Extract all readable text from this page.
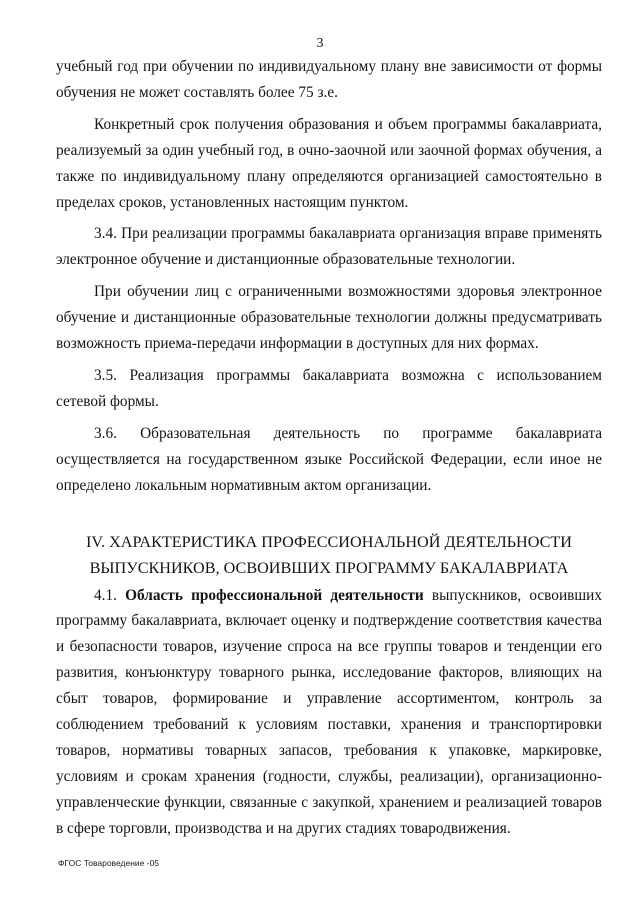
3

учебный год при обучении по индивидуальному плану вне зависимости от формы обучения не может составлять более 75 з.е.

Конкретный срок получения образования и объем программы бакалавриата, реализуемый за один учебный год, в очно-заочной или заочной формах обучения, а также по индивидуальному плану определяются организацией самостоятельно в пределах сроков, установленных настоящим пунктом.

3.4. При реализации программы бакалавриата организация вправе применять электронное обучение и дистанционные образовательные технологии.

При обучении лиц с ограниченными возможностями здоровья электронное обучение и дистанционные образовательные технологии должны предусматривать возможность приема-передачи информации в доступных для них формах.

3.5. Реализация программы бакалавриата возможна с использованием сетевой формы.

3.6. Образовательная деятельность по программе бакалавриата осуществляется на государственном языке Российской Федерации, если иное не определено локальным нормативным актом организации.

IV. ХАРАКТЕРИСТИКА ПРОФЕССИОНАЛЬНОЙ ДЕЯТЕЛЬНОСТИ
ВЫПУСКНИКОВ, ОСВОИВШИХ ПРОГРАММУ БАКАЛАВРИАТА

4.1. Область профессиональной деятельности выпускников, освоивших программу бакалавриата, включает оценку и подтверждение соответствия качества и безопасности товаров, изучение спроса на все группы товаров и тенденции его развития, конъюнктуру товарного рынка, исследование факторов, влияющих на сбыт товаров, формирование и управление ассортиментом, контроль за соблюдением требований к условиям поставки, хранения и транспортировки товаров, нормативы товарных запасов, требования к упаковке, маркировке, условиям и срокам хранения (годности, службы, реализации), организационно-управленческие функции, связанные с закупкой, хранением и реализацией товаров в сфере торговли, производства и на других стадиях товародвижения.

ФГОС Товароведение -05
